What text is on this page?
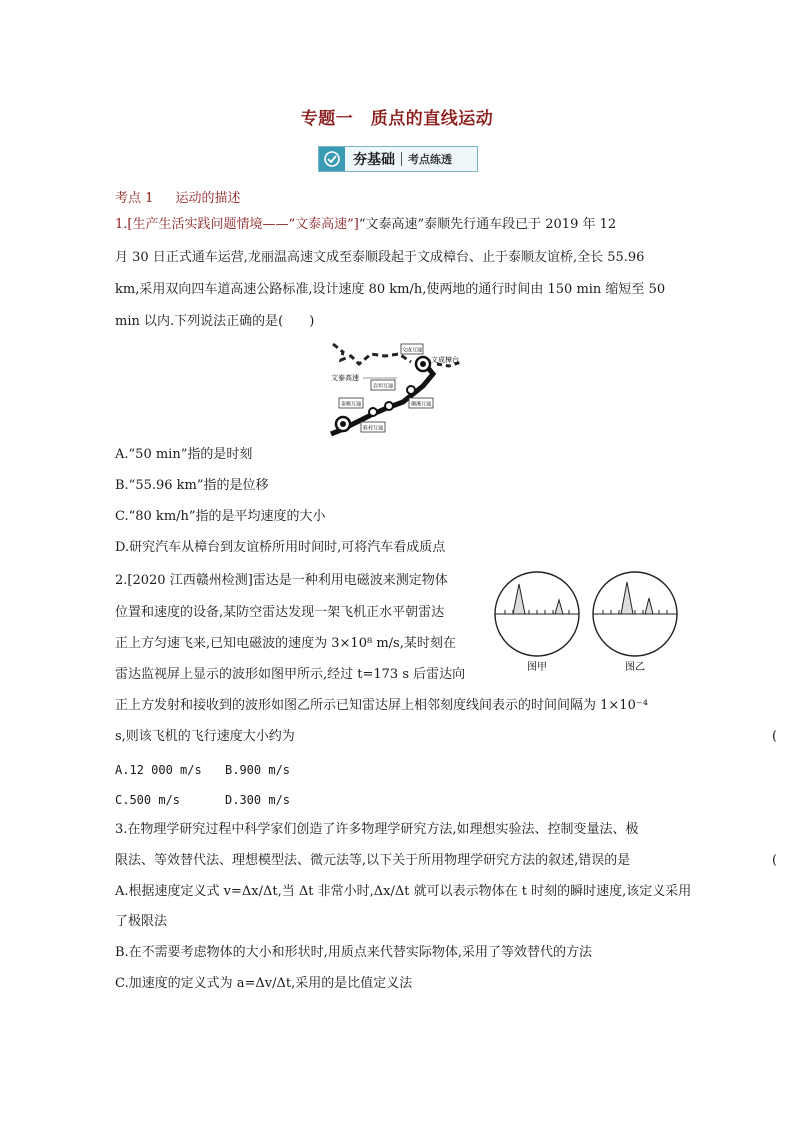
专题一　质点的直线运动
夯基础 考点练透
考点 1 运动的描述
1.[生产生活实践问题情境——“文泰高速”]“文泰高速”泰顺先行通车段已于 2019 年 12
月 30 日正式通车运营,龙丽温高速文成至泰顺段起于文成樟台、止于泰顺友谊桥,全长 55.96
km,采用双向四车道高速公路标准,设计速度 80 km/h,使两地的通行时间由 150 min 缩短至 50
min 以内.下列说法正确的是(　　)
文成互通
岩坦互通
珊溪互通
泰顺互通
筱村互通
文泰高速
文成樟台
A.“50 min”指的是时刻
B.“55.96 km”指的是位移
C.“80 km/h”指的是平均速度的大小
D.研究汽车从樟台到友谊桥所用时间时,可将汽车看成质点
2.[2020 江西赣州检测]雷达是一种利用电磁波来测定物体
位置和速度的设备,某防空雷达发现一架飞机正水平朝雷达
正上方匀速飞来,已知电磁波的速度为 3×10⁸ m/s,某时刻在
雷达监视屏上显示的波形如图甲所示,经过 t=173 s 后雷达向
正上方发射和接收到的波形如图乙所示已知雷达屏上相邻刻度线间表示的时间间隔为 1×10⁻⁴
s,则该飞机的飞行速度大小约为	(
图甲	图乙
A.12 000 m/s B.900 m/s
C.500 m/s	D.300 m/s
3.在物理学研究过程中科学家们创造了许多物理学研究方法,如理想实验法、控制变量法、极
限法、等效替代法、理想模型法、微元法等,以下关于所用物理学研究方法的叙述,错误的是	(
A.根据速度定义式 v=Δx/Δt,当 Δt 非常小时,Δx/Δt 就可以表示物体在 t 时刻的瞬时速度,该定义采用
了极限法
B.在不需要考虑物体的大小和形状时,用质点来代替实际物体,采用了等效替代的方法
C.加速度的定义式为 a=Δv/Δt,采用的是比值定义法
